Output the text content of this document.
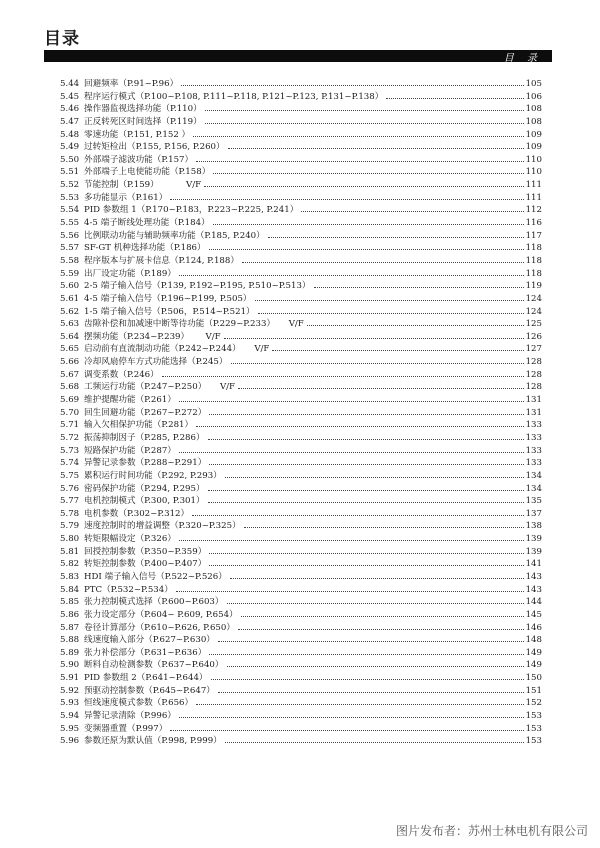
目录
目 录
5.44 回避频率（P.91~P.96）	105
5.45 程序运行模式（P.100~P.108, P.111~P.118, P.121~P.123, P.131~P.138）	106
5.46 操作器监视选择功能（P.110）	108
5.47 正反转死区时间选择（P.119）	108
5.48 零速功能（P.151, P.152 ）	109
5.49 过转矩检出（P.155, P.156, P.260）	109
5.50 外部端子滤波功能（P.157）	110
5.51 外部端子上电使能功能（P.158）	110
5.52 节能控制（P.159）          V/F	111
5.53 多功能显示（P.161）	111
5.54 PID 参数组 1（P.170~P.183，P.223~P.225, P.241）	112
5.55 4-5 端子断线处理功能（P.184）	116
5.56 比例联动功能与辅助频率功能（P.185, P.240）	117
5.57 SF-GT 机种选择功能（P.186）	118
5.58 程序版本与扩展卡信息（P.124, P.188）	118
5.59 出厂设定功能（P.189）	118
5.60 2-5 端子输入信号（P.139, P.192~P.195, P.510~P.513）	119
5.61 4-5 端子输入信号（P.196~P.199, P.505）	124
5.62 1-5 端子输入信号（P.506，P.514~P.521）	124
5.63 齿隙补偿和加减速中断等待功能（P.229~P.233）     V/F	125
5.64 摆频功能（P.234~P.239）      V/F	126
5.65 启动前有直流制动功能（P.242~P.244）     V/F	127
5.66 冷却风扇停车方式功能选择（P.245）	128
5.67 调变系数（P.246）	128
5.68 工频运行功能（P.247~P.250）     V/F	128
5.69 维护提醒功能（P.261）	131
5.70 回生回避功能（P.267~P.272）	131
5.71 输入欠相保护功能（P.281）	133
5.72 振荡抑制因子（P.285, P.286）	133
5.73 短路保护功能（P.287）	133
5.74 异警记录参数（P.288~P.291）	133
5.75 累积运行时间功能（P.292, P.293）	134
5.76 密码保护功能（P.294, P.295）	134
5.77 电机控制模式（P.300, P.301）	135
5.78 电机参数（P.302~P.312）	137
5.79 速度控制时的增益调整（P.320~P.325）	138
5.80 转矩限幅设定（P.326）	139
5.81 回授控制参数（P.350~P.359）	139
5.82 转矩控制参数（P.400~P.407）	141
5.83 HDI 端子输入信号（P.522~P.526）	143
5.84 PTC（P.532~P.534）	143
5.85 张力控制模式选择（P.600~P.603）	144
5.86 张力设定部分（P.604~ P.609, P.654）	145
5.87 卷径计算部分（P.610~P.626, P.650）	146
5.88 线速度输入部分（P.627~P.630）	148
5.89 张力补偿部分（P.631~P.636）	149
5.90 断料自动检测参数（P.637~P.640）	149
5.91 PID 参数组 2（P.641~P.644）	150
5.92 预驱动控制参数（P.645~P.647）	151
5.93 恒线速度模式参数（P.656）	152
5.94 异警记录清除（P.996）	153
5.95 变频器重置（P.997）	153
5.96 参数还原为默认值（P.998, P.999）	153
图片发布者：苏州士林电机有限公司
